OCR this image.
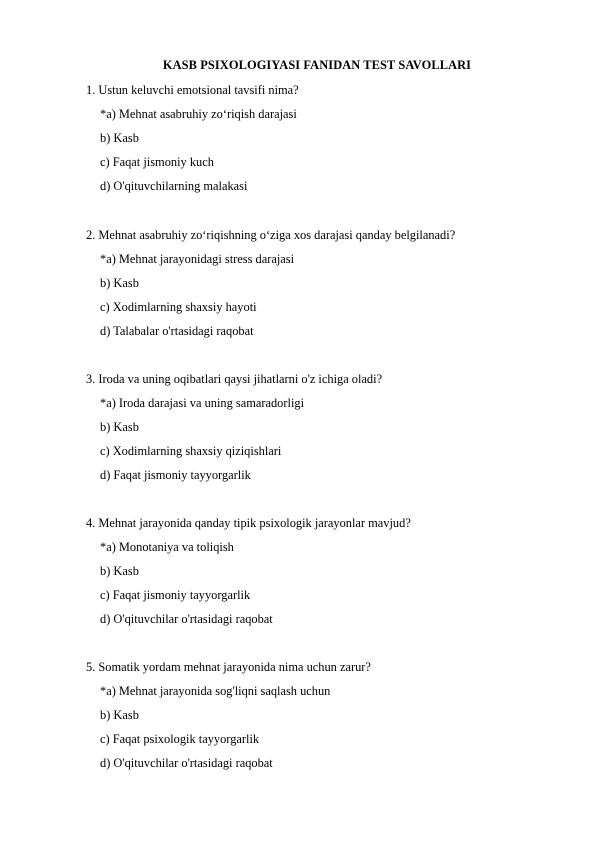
KASB PSIXOLOGIYASI FANIDAN TEST SAVOLLARI
1. Ustun keluvchi emotsional tavsifi nima?
*a) Mehnat asabruhiy zo‘riqish darajasi
b) Kasb
c) Faqat jismoniy kuch
d) O'qituvchilarning malakasi
2. Mehnat asabruhiy zo‘riqishning o‘ziga xos darajasi qanday belgilanadi?
*a) Mehnat jarayonidagi stress darajasi
b) Kasb
c) Xodimlarning shaxsiy hayoti
d) Talabalar o'rtasidagi raqobat
3. Iroda va uning oqibatlari qaysi jihatlarni o'z ichiga oladi?
*a) Iroda darajasi va uning samaradorligi
b) Kasb
c) Xodimlarning shaxsiy qiziqishlari
d) Faqat jismoniy tayyorgarlik
4. Mehnat jarayonida qanday tipik psixologik jarayonlar mavjud?
*a) Monotaniya va toliqish
b) Kasb
c) Faqat jismoniy tayyorgarlik
d) O'qituvchilar o'rtasidagi raqobat
5. Somatik yordam mehnat jarayonida nima uchun zarur?
*a) Mehnat jarayonida sog'liqni saqlash uchun
b) Kasb
c) Faqat psixologik tayyorgarlik
d) O'qituvchilar o'rtasidagi raqobat
